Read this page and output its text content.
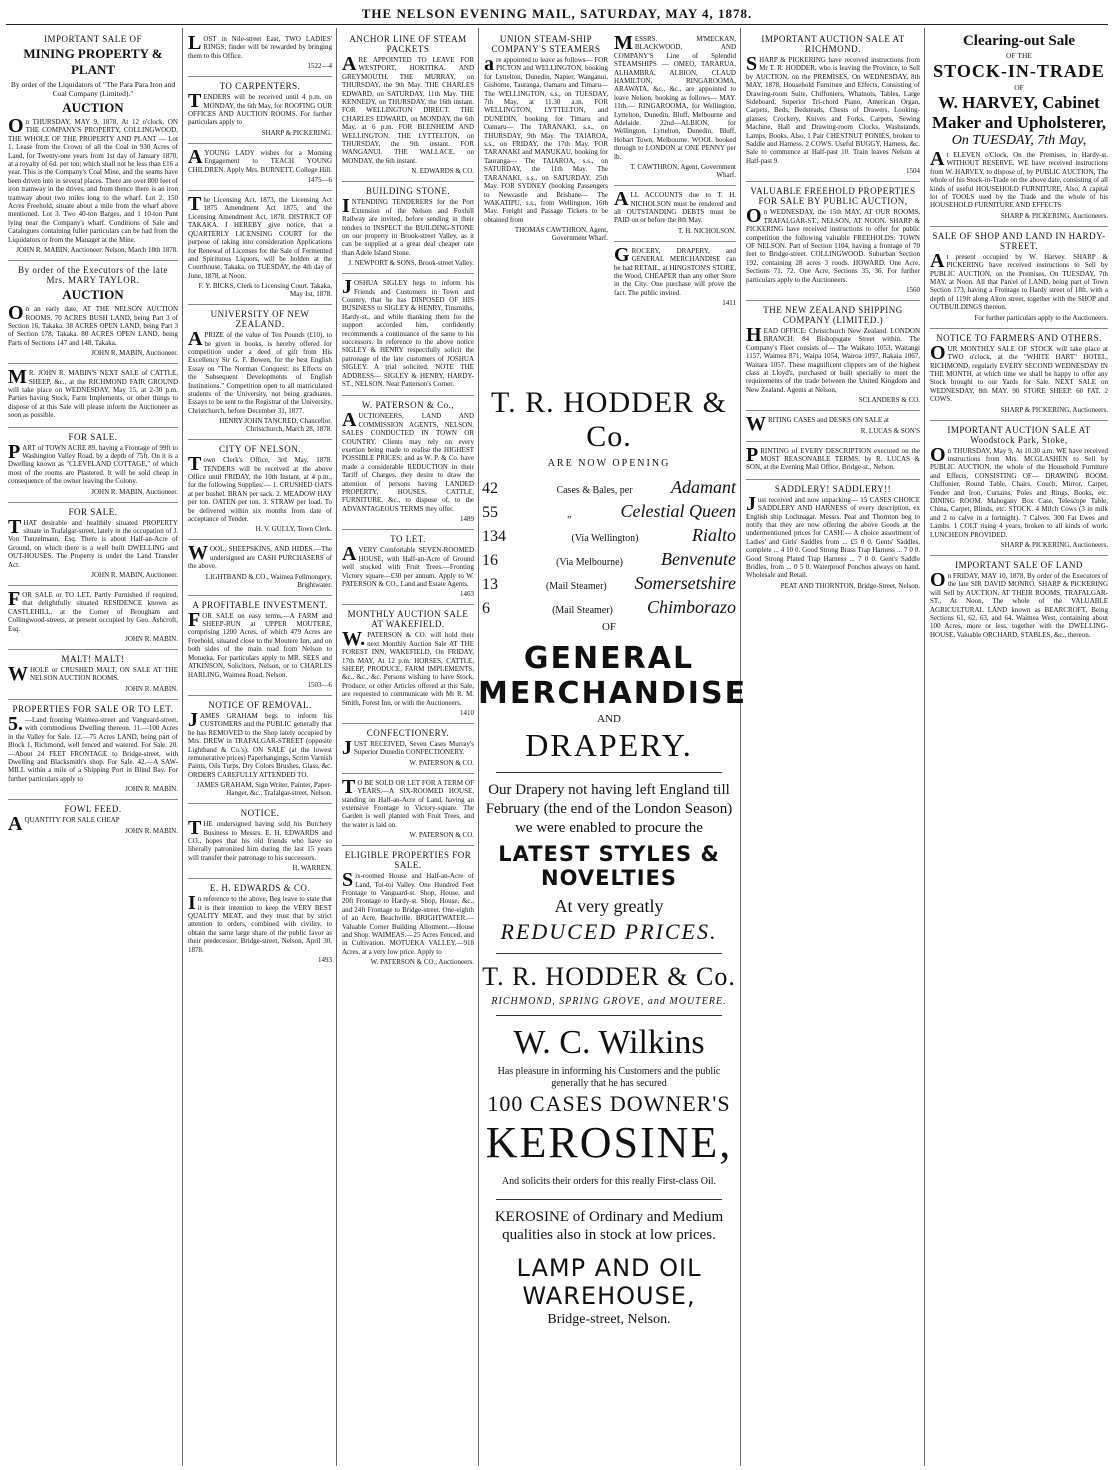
THE NELSON EVENING MAIL, SATURDAY, MAY 4, 1878.
IMPORTANT SALE OF
MINING PROPERTY & PLANT
By order of the Liquidators of "The Para Para Iron and Coal Company (Limited)."
AUCTION
On THURSDAY, MAY 9, 1878, At 12 o'clock, ON THE COMPANY'S PROPERTY, COLLINGWOOD, THE WHOLE OF THE PROPERTY AND PLANT — Lot 1. Lease from the Crown of all the Coal in 930 Acres of Land, for Twenty-one years from 1st day of January 1870, at a royalty of 6d. per ton; which shall not be less than £16 a year. This is the Company's Coal Mine, and the seams have been driven into in several places. There are over 800 feet of iron tramway in the drives, and from thence there is an iron tramway about two miles long to the wharf. Lot 2. 150 Acres Freehold, situate about a mile from the wharf above mentioned. Lot 3. Two 40-ton Barges, and 1 10-ton Punt lying near the Company's wharf. Conditions of Sale and Catalogues containing fuller particulars can be had from the Liquidators or from the Manager at the Mine.
JOHN R. MABIN, Auctioneer. Nelson, March 18th 1878.
By order of the Executors of the late Mrs. MARY TAYLOR.
AUCTION
On an early date, AT THE NELSON AUCTION ROOMS. 70 ACRES BUSH LAND, being Part 3 of Section 16, Takaka. 38 ACRES OPEN LAND, being Part 3 of Section 178, Takaka. 80 ACRES OPEN LAND, being Parts of Sections 147 and 148, Takaka.
JOHN R. MABIN, Auctioneer.
MR. JOHN R. MABIN'S NEXT SALE of CATTLE, SHEEP, &c., at the RICHMOND FAIR GROUND will take place on WEDNESDAY, May 15, at 2-30 p.m. Parties having Stock, Farm Implements, or other things to dispose of at this Sale will please inform the Auctioneer as soon as possible.
FOR SALE.
PART of TOWN ACRE 89, having a Frontage of 99ft to Washington Valley Road, by a depth of 75ft. On it is a Dwelling known as "CLEVELAND COTTAGE," of which most of the rooms are Plastered. It will be sold cheap in consequence of the owner leaving the Colony.
JOHN R. MABIN, Auctioneer.
FOR SALE.
THAT desirable and healthily situated PROPERTY situate in Trafalgar-street, lately in the occupation of J. Von Tunzelmann, Esq. There is about Half-an-Acre of Ground, on which there is a well built DWELLING and OUT-HOUSES. The Property is under the Land Transfer Act.
JOHN R. MABIN, Auctioneer.
FOR SALE or TO LET, Partly Furnished if required, that delightfully situated RESIDENCE known as CASTLEHILL, at the Corner of Brougham and Collingwood-streets, at present occupied by Geo. Ashcroft, Esq.
JOHN R. MABIN.
MALT! MALT!
WHOLE or CRUSHED MALT, ON SALE AT THE NELSON AUCTION ROOMS.
JOHN R. MABIN.
PROPERTIES FOR SALE OR TO LET.
5.—Land fronting Waimea-street and Vanguard-street, with commodious Dwelling thereon. 11.—100 Acres in the Valley for Sale. 12.—75 Acres LAND, being part of Block 1, Richmond, well fenced and watered. For Sale. 20.—About 24 FEET FRONTAGE to Bridge-street, with Dwelling and Blacksmith's shop. For Sale. 42.—A SAW-MILL within a mile of a Shipping Port in Blind Bay. For further particulars apply to
JOHN R. MABIN.
FOWL FEED.
AQUANTITY FOR SALE CHEAP
JOHN R. MABIN.
LOST in Nile-street East, TWO LADIES' RINGS; finder will be rewarded by bringing them to this Office.
1522—4
TO CARPENTERS.
TENDERS will be received until 4 p.m. on MONDAY, the 6th May, for ROOFING OUR OFFICES AND AUCTION ROOMS. For further particulars apply to
SHARP & PICKERING.
AYOUNG LADY wishes for a Morning Engagement to TEACH YOUNG CHILDREN. Apply Mrs. BURNETT, College Hill.
1475—6
The Licensing Act, 1873, the Licensing Act 1875 Amendment Act 1875, and the Licensing Amendment Act, 1878. DISTRICT OF TAKAKA. I HEREBY give notice, that a QUARTERLY LICENSING COURT for the purpose of taking into consideration Applications for Renewal of Licenses for the Sale of Fermented and Spirituous Liquors, will be holden at the Courthouse, Takaka, on TUESDAY, the 4th day of June, 1878, at Noon.
F. Y. BICKS, Clerk to Licensing Court. Takaka, May 1st, 1878.
UNIVERSITY OF NEW ZEALAND.
APRIZE of the value of Ten Pounds (£10), to be given in books, is hereby offered for competition under a deed of gift from His Excellency Sir G. F. Bowen, for the best English Essay on "The Norman Conquest: its Effects on the Subsequent Developments of English Institutions." Competition open to all matriculated students of the University, not being graduates. Essays to be sent to the Registrar of the University, Christchurch, before December 31, 1877.
HENRY JOHN TANCRED, Chancellor. Christchurch, March 28, 1878.
CITY OF NELSON.
Town Clerk's Office, 3rd May, 1878. TENDERS will be received at the above Office until FRIDAY, the 10th Instant, at 4 p.m., for the following Supplies:— 1. CRUSHED OATS at per bushel. BRAN per sack. 2. MEADOW HAY per ton. OATEN per ton. 3. STRAW per load. To be delivered within six months from date of acceptance of Tender.
H. V. GULLY, Town Clerk.
WOOL, SHEEPSKINS, AND HIDES.—The undersigned are CASH PURCHASERS of the above.
LIGHTBAND & CO., Waimea Fellmongery, Brightwater.
A PROFITABLE INVESTMENT.
FOR SALE on easy terms,—A FARM and SHEEP-RUN at UPPER MOUTERE, comprising 1200 Acres, of which 479 Acres are Freehold, situated close to the Moutere Inn, and on both sides of the main road from Nelson to Motueka. For particulars apply to MR. SEES and ATKINSON, Solicitors, Nelson, or to CHARLES HARLING, Waimea Road, Nelson.
1503—6
NOTICE OF REMOVAL.
JAMES GRAHAM begs to inform his CUSTOMERS and the PUBLIC generally that he has REMOVED to the Shop lately occupied by Mrs. DREW in TRAFALGAR-STREET (opposite Lightband & Co.'s). ON SALE (at the lowest remunerative prices) Paperhangings, Scrim Varnish Paints, Oils Turps, Dry Colors Brushes, Glass, &c. ORDERS CAREFULLY ATTENDED TO.
JAMES GRAHAM, Sign Writer, Painter, Paper-Hanger, &c., Trafalgar-street, Nelson.
NOTICE.
THE undersigned having sold his Butchery Business to Messrs. E. H. EDWARDS and CO., hopes that his old friends who have so liberally patronized him during the last 15 years will transfer their patronage to his successors.
H. WARREN.
E. H. EDWARDS & CO.
In reference to the above, Beg leave to state that it is their intention to keep the VERY BEST QUALITY MEAT, and they trust that by strict attention to orders, combined with civility, to obtain the same large share of the public favor as their predecessor. Bridge-street, Nelson, April 30, 1878.
1493
ANCHOR LINE OF STEAM PACKETS
ARE APPOINTED TO LEAVE FOR WESTPORT, HOKITIKA, AND GREYMOUTH. THE MURRAY, on THURSDAY, the 9th May. THE CHARLES EDWARD, on SATURDAY, 11th May. THE KENNEDY, on THURSDAY, the 16th instant. FOR WELLINGTON DIRECT. THE CHARLES EDWARD, on MONDAY, the 6th May, at 6 p.m. FOR BLENHEIM AND WELLINGTON. THE LYTTELTON, on THURSDAY, the 9th instant. FOR WANGANUI. THE WALLACE, on MONDAY, the 6th instant.
N. EDWARDS & CO.
BUILDING STONE.
INTENDING TENDERERS for the Port Extension of the Nelson and Foxhill Railway are invited, before sending in their tenders to INSPECT the BUILDING-STONE on our property in Brook-street Valley, as it can be supplied at a great deal cheaper rate than Adele Island Stone.
J. NEWPORT & SONS, Brook-street Valley.
JOSHUA SIGLEY begs to inform his Friends and Customers in Town and Country, that he has DISPOSED OF HIS BUSINESS to SIGLEY & HENRY, Tinsmiths, Hardy-st., and while thanking them for the support accorded him, confidently recommends a continuance of the same to his successors. In reference to the above notice SIGLEY & HENRY respectfully solicit the patronage of the late customers of JOSHUA SIGLEY. A trial solicited. NOTE THE ADDRESS— SIGLEY & HENRY, HARDY-ST., NELSON. Near Patterson's Corner.
W. PATERSON & Co.,
AUCTIONEERS, LAND AND COMMISSION AGENTS, NELSON. SALES CONDUCTED IN TOWN OR COUNTRY. Clients may rely on every exertion being made to realise the HIGHEST POSSIBLE PRICES; and as W. P. & Co. have made a considerable REDUCTION in their Tariff of Charges, they desire to draw the attention of persons having LANDED PROPERTY, HOUSES, CATTLE, FURNITURE, &c., to dispose of, to the ADVANTAGEOUS TERMS they offer.
1489
TO LET.
AVERY Comfortable SEVEN-ROOMED HOUSE, with Half-an-Acre of Ground well stocked with Fruit Trees.—Fronting Victory square—£30 per annum. Apply to W. PATERSON & CO., Land and Estate Agents.
1463
MONTHLY AUCTION SALE AT WAKEFIELD.
W.PATERSON & CO. will hold their next Monthly Auction Sale AT THE FOREST INN, WAKEFIELD, On FRIDAY, 17th MAY, At 12 p.m. HORSES, CATTLE, SHEEP, PRODUCE, FARM IMPLEMENTS, &c., &c., &c. Persons wishing to have Stock, Produce, or other Articles offered at this Sale, are requested to communicate with Mr R. M. Smith, Forest Inn, or with the Auctioneers.
1410
CONFECTIONERY.
JUST RECEIVED, Seven Cases Murray's Superior Dunedin CONFECTIONERY.
W. PATERSON & CO.
TO BE SOLD OR LET FOR A TERM OF YEARS.—A SIX-ROOMED HOUSE, standing on Half-an-Acre of Land, having an extensive Frontage to Victory-square. The Garden is well planted with Fruit Trees, and the water is laid on.
W. PATERSON & CO.
ELIGIBLE PROPERTIES FOR SALE.
Six-roomed House and Half-an-Acre of Land, Toi-toi Valley. One Hundred Feet Frontage to Vanguard-st. Shop, House, and 20ft Frontage to Hardy-st. Shop, House, &c., and 24ft Frontage to Bridge-street. One-eighth of an Acre, Beachville. BRIGHTWATER.—Valuable Corner Building Allotment.—House and Shop. WAIMEAS.—25 Acres Fenced, and in Cultivation. MOTUEKA VALLEY.—918 Acres, at a very low price. Apply to
W. PATERSON & CO., Auctioneers.
UNION STEAM-SHIP COMPANY'S STEAMERS
are appointed to leave as follows— FOR PICTON and WELLINGTON, booking for Lyttelton, Dunedin, Napier, Wanganui, Gisborne, Tauranga, Oamaru and Timaru— The WELLINGTON, s.s., on TUESDAY, 7th May, at 11.30 a.m. FOR WELLINGTON, LYTTELTON, and DUNEDIN, booking for Timaru and Oamaru— The TARANAKI, s.s., on THURSDAY, 9th May. The TAIAROA, s.s., on FRIDAY, the 17th May. FOR TARANAKI and MANUKAU, booking for Tauranga— The TAIAROA, s.s., on SATURDAY, the 11th May. The TARANAKI, s.s., on SATURDAY, 25th May. FOR SYDNEY (booking Passengers to Newcastle and Brisbane— The WAKATIPU, s.s., from Wellington, 16th May. Freight and Passage Tickets to be obtained from
THOMAS CAWTHRON, Agent, Government Wharf.
MESSRS. M'MECKAN, BLACKWOOD, AND COMPANY'S Line of Splendid STEAMSHIPS — OMEO, TARARUA, ALHAMBRA, ALBION, CLAUD HAMILTON, RINGAROOMA, ARAWATA, &c., &c., are appointed to leave Nelson, booking as follows— MAY. 11th.— RINGAROOMA, for Wellington, Lyttelton, Dunedin, Bluff, Melbourne and Adelaide. 22nd—ALBION, for Wellington, Lyttelton, Dunedin, Bluff, Hobart Town, Melbourne. WOOL booked through to LONDON at ONE PENNY per lb.
T. CAWTHRON, Agent, Government Wharf.
ALL ACCOUNTS due to T. H. NICHOLSON must be rendered and all OUTSTANDING DEBTS must be PAID on or before the 8th May.
T. H. NICHOLSON.
GROCERY, DRAPERY, and GENERAL MERCHANDISE can be had RETAIL, at HINGSTON'S STORE, the Wood, CHEAPER than any other Store in the City. One purchase will prove the fact. The public invited.
1411
IMPORTANT AUCTION SALE AT RICHMOND.
SHARP & PICKERING have received instructions from Mr T. R. HODDER, who is leaving the Province, to Sell by AUCTION, on the PREMISES, On WEDNESDAY, 8th MAY, 1878, Household Furniture and Effects, Consisting of Drawing-room Suite, Chiffoniers, Whatnots, Tables, Large Sideboard, Superior Tri-chord Piano, American Organ, Carpets, Beds, Bedsteads, Chests of Drawers, Looking-glasses, Crockery, Knives and Forks, Carpets, Sewing Machine, Hall and Drawing-room Clocks, Washstands, Lamps, Books. Also, 1 Pair CHESTNUT PONIES, broken to Saddle and Harness. 2 COWS. Useful BUGGY, Harness, &c. Sale to commence at Half-past 10. Train leaves Nelson at Half-past 9.
1504
VALUABLE FREEHOLD PROPERTIES FOR SALE BY PUBLIC AUCTION,
On WEDNESDAY, the 15th MAY, AT OUR ROOMS, TRAFALGAR-ST., NELSON, AT NOON. SHARP & PICKERING have received instructions to offer for public competition the following valuable FREEHOLDS: TOWN OF NELSON. Part of Section 1104, having a frontage of 70 feet to Bridge-street. COLLINGWOOD. Suburban Section 192, containing 28 acres 3 roods. HOWARD. One Acre, Sections 71, 72. One Acre, Sections 35, 36. For further particulars apply to the Auctioneers.
1560
THE NEW ZEALAND SHIPPING COMPANY (LIMITED.)
HEAD OFFICE: Christchurch New Zealand. LONDON BRANCH: 84 Bishopsgate Street within. The Company's Fleet consists of— The Waikato 1053, Waitangi 1157, Waimea 871, Waipa 1054, Wairoa 1097, Rakaia 1067, Waitara 1057. These magnificent clippers are of the highest class at Lloyd's, purchased or built specially to meet the requirements of the trade between the United Kingdom and New Zealand. Agents at Nelson,
SCLANDERS & CO.
WRITING CASES and DESKS ON SALE at
R. LUCAS & SON'S
PRINTING of EVERY DESCRIPTION executed on the MOST REASONABLE TERMS, by R. LUCAS & SON, at the Evening Mail Office, Bridge-st., Nelson.
SADDLERY! SADDLERY!!
Just received and now unpacking— 15 CASES CHOICE SADDLERY AND HARNESS of every description, ex English ship Lochnagar. Messrs. Peat and Thornton beg to notify that they are now offering the above Goods at the undermentioned prices for CASH:— A choice assortment of Ladies' and Girls' Saddles from ... £5 0 0. Gents' Saddles, complete ... 4 10 0. Good Strong Brass Trap Harness ... 7 0 0. Good Strong Plated Trap Harness ... 7 0 0. Gent's Saddle Bridles, from ... 0 5 0. Waterproof Ponchos always on hand, Wholesale and Retail.
PEAT AND THORNTON, Bridge-Street, Nelson.
Clearing-out Sale
OF THE
STOCK-IN-TRADE
OF
W. HARVEY, Cabinet Maker and Upholsterer,
On TUESDAY, 7th May,
At ELEVEN o'Clock, On the Premises, in Hardy-st. WITHOUT RESERVE. WE have received instructions from W. HARVEY, to dispose of, by PUBLIC AUCTION, The whole of his Stock-in-Trade on the above date, consisting of all kinds of useful HOUSEHOLD FURNITURE, Also, A capital lot of TOOLS used by the Trade and the whole of his HOUSEHOLD FURNITURE AND EFFECTS
SHARP & PICKERING, Auctioneers.
SALE OF SHOP AND LAND IN HARDY-STREET.
At present occupied by W. Harvey. SHARP & PICKERING have received instructions to Sell by PUBLIC AUCTION, on the Premises, On TUESDAY, 7th MAY, at Noon. All that Parcel of LAND, being part of Town Section 173, having a Frontage to Hardy street of 18ft, with a depth of 119ft along Alton street, together with the SHOP and OUTBUILDINGS thereon.
For further particulars apply to the Auctioneers.
NOTICE TO FARMERS AND OTHERS.
OUR MONTHLY SALE OF STOCK will take place at TWO o'clock, at the "WHITE HART" HOTEL, RICHMOND, regularly EVERY SECOND WEDNESDAY IN THE MONTH, at which time we shall be happy to offer any Stock brought to our Yards for Sale. NEXT SALE on WEDNESDAY, 8th MAY. 90 STORE SHEEP. 60 FAT. 2 COWS.
SHARP & PICKERING, Auctioneers.
IMPORTANT AUCTION SALE AT Woodstock Park, Stoke,
On THURSDAY, May 9, At 10.30 a.m. WE have received instructions from Mrs. MCGLASHEN to Sell by PUBLIC AUCTION, the whole of the Household Furniture and Effects, CONSISTING OF— DRAWING ROOM. Chiffonier, Round Table, Chairs, Couch, Mirror, Carpet, Fender and Iron, Curtains, Poles and Rings, Books, etc. DINING ROOM. Mahogany Box Case, Telescope Table, China, Carpet, Blinds, etc. STOCK. 4 Milch Cows (3 in milk and 2 to calve in a fortnight). 7 Calves. 300 Fat Ewes and Lambs. 1 COLT rising 4 years, broken to all kinds of work. LUNCHEON PROVIDED.
SHARP & PICKERING, Auctioneers.
IMPORTANT SALE OF LAND
On FRIDAY, MAY 10, 1878, By order of the Executors of the late SIR DAVID MONRO. SHARP & PICKERING will Sell by AUCTION, AT THEIR ROOMS, TRAFALGAR-ST., At Noon, The whole of the VALUABLE AGRICULTURAL LAND known as BEARCROFT, Being Sections 61, 62, 63, and 64, Waimea West, containing about 100 Acres, more or less, together with the DWELLING-HOUSE, Valuable ORCHARD, STABLES, &c., thereon.
T. R. HODDER & Co.
ARE NOW OPENING
42	Cases & Bales, per	Adamant
55	„	Celestial Queen
134	(Via Wellington)	Rialto
16	(Via Melbourne)	Benvenute
13	(Mail Steamer)	Somersetshire
6	(Mail Steamer)	Chimborazo
OF
GENERAL MERCHANDISE
AND
DRAPERY.
Our Drapery not having left England till February (the end of the London Season) we were enabled to procure the
LATEST STYLES & NOVELTIES
At very greatly
REDUCED PRICES.
T. R. HODDER & Co.
RICHMOND, SPRING GROVE, and MOUTERE.
W. C. Wilkins
Has pleasure in informing his Customers and the public generally that he has secured
100 CASES DOWNER'S
KEROSINE,
And solicits their orders for this really First-class Oil.
KEROSINE of Ordinary and Medium qualities also in stock at low prices.
LAMP AND OIL WAREHOUSE,
Bridge-street, Nelson.
